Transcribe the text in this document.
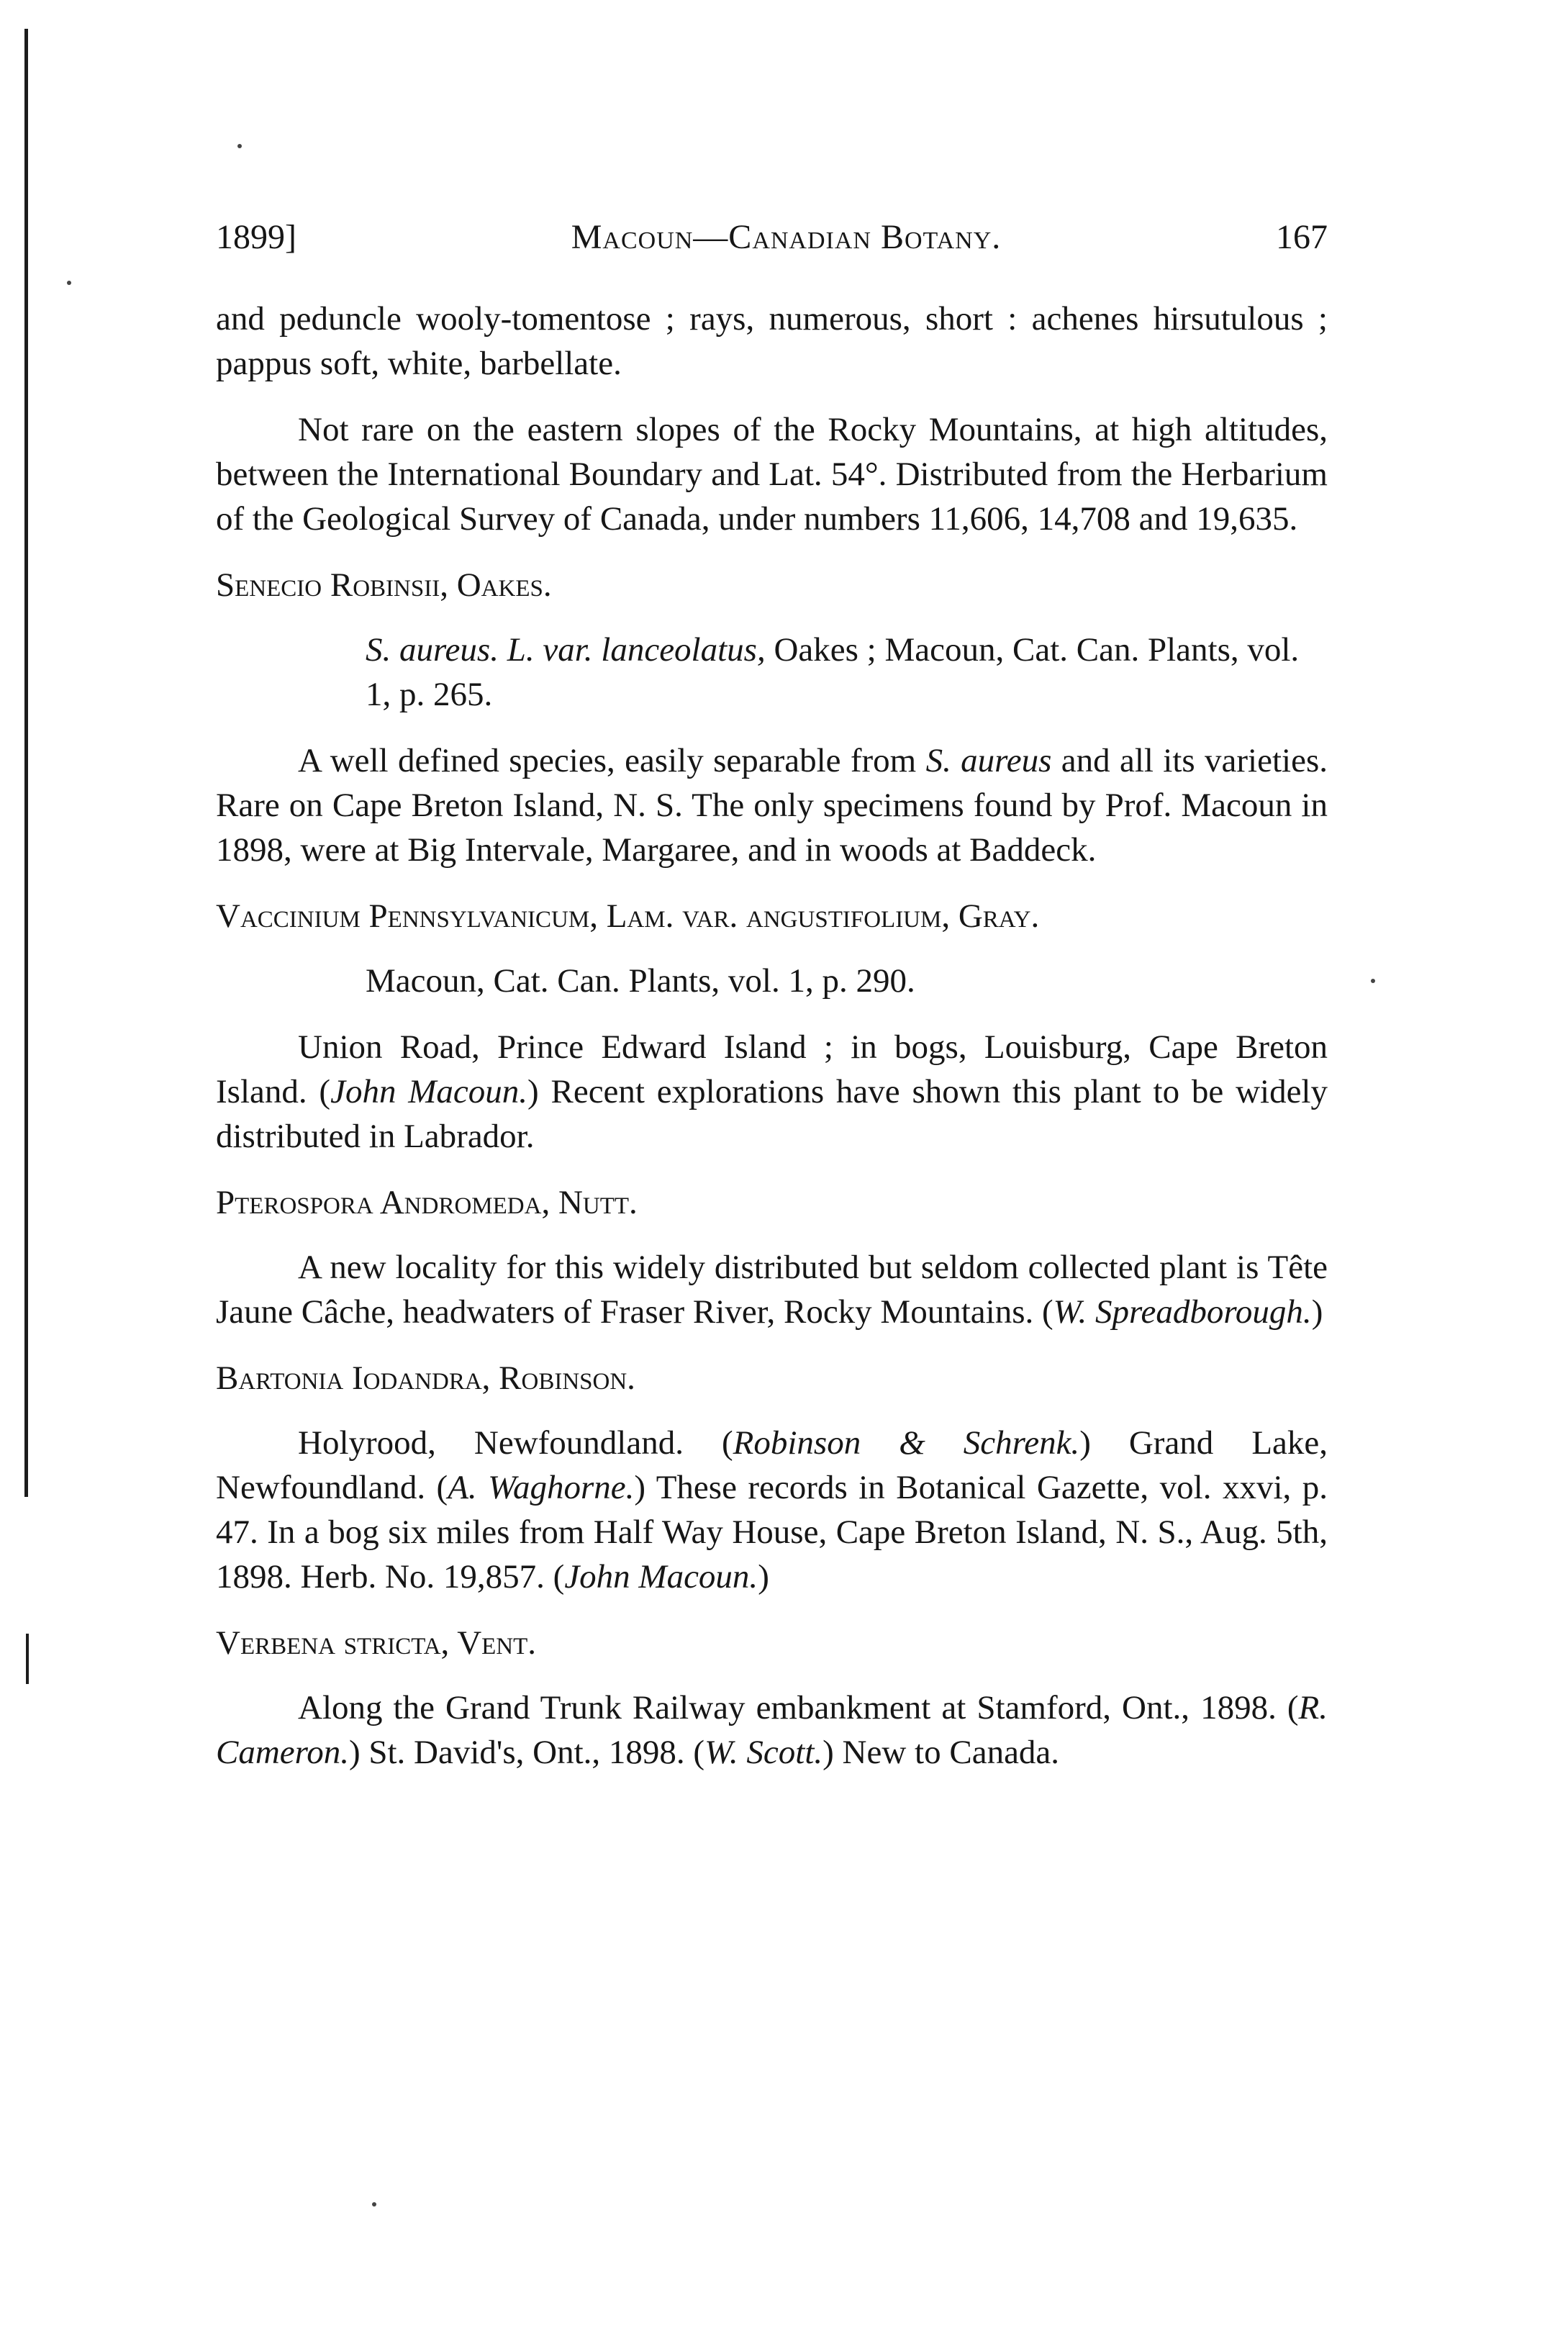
1899]	Macoun—Canadian Botany.	167

and peduncle wooly-tomentose ; rays, numerous, short : achenes hirsutulous ; pappus soft, white, barbellate.

Not rare on the eastern slopes of the Rocky Mountains, at high altitudes, between the International Boundary and Lat. 54°. Distributed from the Herbarium of the Geological Survey of Canada, under numbers 11,606, 14,708 and 19,635.

Senecio Robinsii, Oakes.

S. aureus. L. var. lanceolatus, Oakes ; Macoun, Cat. Can. Plants, vol. 1, p. 265.

A well defined species, easily separable from S. aureus and all its varieties. Rare on Cape Breton Island, N. S. The only specimens found by Prof. Macoun in 1898, were at Big Intervale, Margaree, and in woods at Baddeck.

Vaccinium Pennsylvanicum, Lam. var. angustifolium, Gray.

Macoun, Cat. Can. Plants, vol. 1, p. 290.

Union Road, Prince Edward Island ; in bogs, Louisburg, Cape Breton Island. (John Macoun.) Recent explorations have shown this plant to be widely distributed in Labrador.

Pterospora Andromeda, Nutt.

A new locality for this widely distributed but seldom collected plant is Tête Jaune Câche, headwaters of Fraser River, Rocky Mountains. (W. Spreadborough.)

Bartonia Iodandra, Robinson.

Holyrood, Newfoundland. (Robinson & Schrenk.) Grand Lake, Newfoundland. (A. Waghorne.) These records in Botanical Gazette, vol. xxvi, p. 47. In a bog six miles from Half Way House, Cape Breton Island, N. S., Aug. 5th, 1898. Herb. No. 19,857. (John Macoun.)

Verbena stricta, Vent.

Along the Grand Trunk Railway embankment at Stamford, Ont., 1898. (R. Cameron.) St. David's, Ont., 1898. (W. Scott.) New to Canada.
